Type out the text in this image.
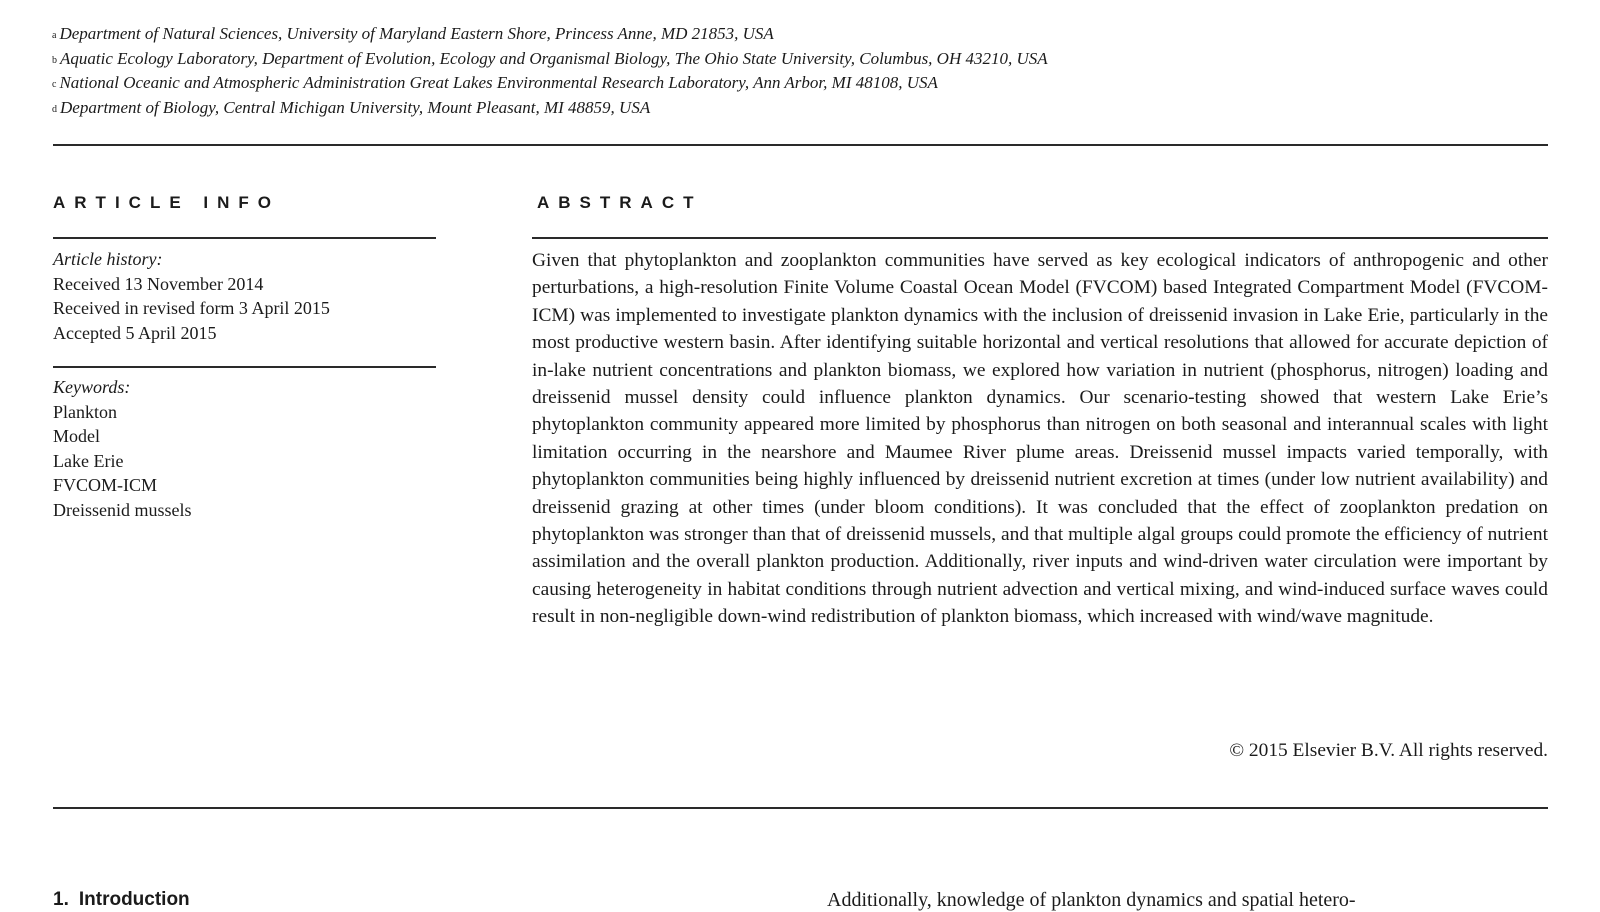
$^a$ Department of Natural Sciences, University of Maryland Eastern Shore, Princess Anne, MD 21853, USA
$^b$ Aquatic Ecology Laboratory, Department of Evolution, Ecology and Organismal Biology, The Ohio State University, Columbus, OH 43210, USA
$^c$ National Oceanic and Atmospheric Administration Great Lakes Environmental Research Laboratory, Ann Arbor, MI 48108, USA
$^d$ Department of Biology, Central Michigan University, Mount Pleasant, MI 48859, USA
ARTICLE INFO
Article history:
Received 13 November 2014
Received in revised form 3 April 2015
Accepted 5 April 2015
Keywords:
Plankton
Model
Lake Erie
FVCOM-ICM
Dreissenid mussels
ABSTRACT
Given that phytoplankton and zooplankton communities have served as key ecological indicators of anthropogenic and other perturbations, a high-resolution Finite Volume Coastal Ocean Model (FVCOM) based Integrated Compartment Model (FVCOM-ICM) was implemented to investigate plankton dynamics with the inclusion of dreissenid invasion in Lake Erie, particularly in the most productive western basin. After identifying suitable horizontal and vertical resolutions that allowed for accurate depiction of in-lake nutrient concentrations and plankton biomass, we explored how variation in nutrient (phosphorus, nitrogen) loading and dreissenid mussel density could influence plankton dynamics. Our scenario-testing showed that western Lake Erie’s phytoplankton community appeared more limited by phosphorus than nitrogen on both seasonal and interannual scales with light limitation occurring in the nearshore and Maumee River plume areas. Dreissenid mussel impacts varied temporally, with phytoplankton communities being highly influenced by dreissenid nutrient excretion at times (under low nutrient availability) and dreissenid grazing at other times (under bloom conditions). It was concluded that the effect of zooplankton predation on phytoplankton was stronger than that of dreissenid mussels, and that multiple algal groups could promote the efficiency of nutrient assimilation and the overall plankton production. Additionally, river inputs and wind-driven water circulation were important by causing heterogeneity in habitat conditions through nutrient advection and vertical mixing, and wind-induced surface waves could result in non-negligible down-wind redistribution of plankton biomass, which increased with wind/wave magnitude.
© 2015 Elsevier B.V. All rights reserved.
1. Introduction	Additionally, knowledge of plankton dynamics and spatial hetero-
